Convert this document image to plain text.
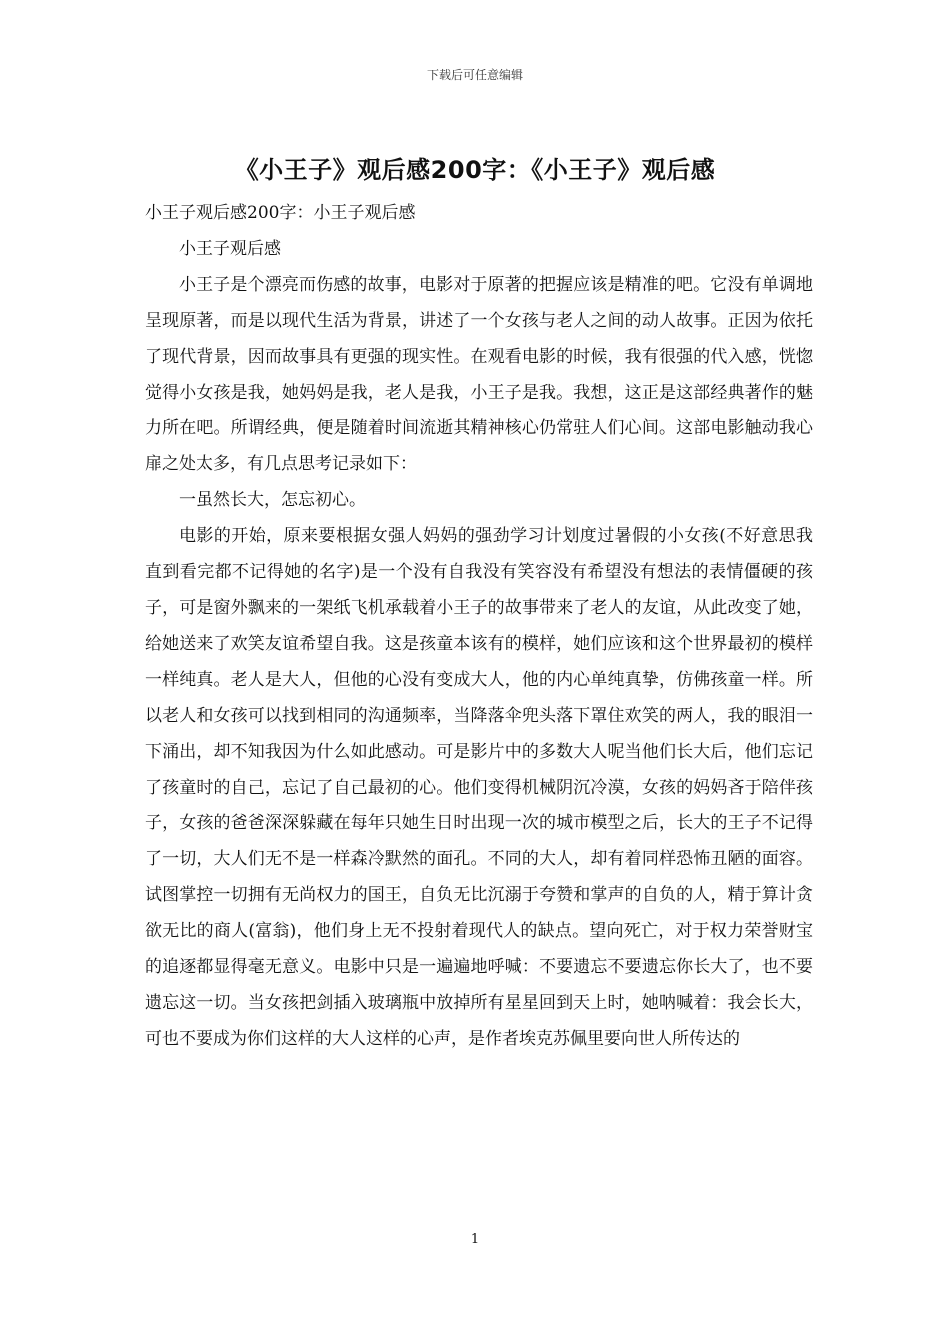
下载后可任意编辑
《小王子》观后感200字：《小王子》观后感

小王子观后感200字：小王子观后感

小王子观后感

小王子是个漂亮而伤感的故事，电影对于原著的把握应该是精准的吧。它没有单调地呈现原著，而是以现代生活为背景，讲述了一个女孩与老人之间的动人故事。正因为依托了现代背景，因而故事具有更强的现实性。在观看电影的时候，我有很强的代入感，恍惚觉得小女孩是我，她妈妈是我，老人是我，小王子是我。我想，这正是这部经典著作的魅力所在吧。所谓经典，便是随着时间流逝其精神核心仍常驻人们心间。这部电影触动我心扉之处太多，有几点思考记录如下：

一虽然长大，怎忘初心。

电影的开始，原来要根据女强人妈妈的强劲学习计划度过暑假的小女孩(不好意思我直到看完都不记得她的名字)是一个没有自我没有笑容没有希望没有想法的表情僵硬的孩子，可是窗外飘来的一架纸飞机承载着小王子的故事带来了老人的友谊，从此改变了她，给她送来了欢笑友谊希望自我。这是孩童本该有的模样，她们应该和这个世界最初的模样一样纯真。老人是大人，但他的心没有变成大人，他的内心单纯真挚，仿佛孩童一样。所以老人和女孩可以找到相同的沟通频率，当降落伞兜头落下罩住欢笑的两人，我的眼泪一下涌出，却不知我因为什么如此感动。可是影片中的多数大人呢当他们长大后，他们忘记了孩童时的自己，忘记了自己最初的心。他们变得机械阴沉冷漠，女孩的妈妈吝于陪伴孩子，女孩的爸爸深深躲藏在每年只她生日时出现一次的城市模型之后，长大的王子不记得了一切，大人们无不是一样森冷默然的面孔。不同的大人，却有着同样恐怖丑陋的面容。试图掌控一切拥有无尚权力的国王，自负无比沉溺于夸赞和掌声的自负的人，精于算计贪欲无比的商人(富翁)，他们身上无不投射着现代人的缺点。望向死亡，对于权力荣誉财宝的追逐都显得毫无意义。电影中只是一遍遍地呼喊：不要遗忘不要遗忘你长大了，也不要遗忘这一切。当女孩把剑插入玻璃瓶中放掉所有星星回到天上时，她呐喊着：我会长大，可也不要成为你们这样的大人这样的心声，是作者埃克苏佩里要向世人所传达的

1
